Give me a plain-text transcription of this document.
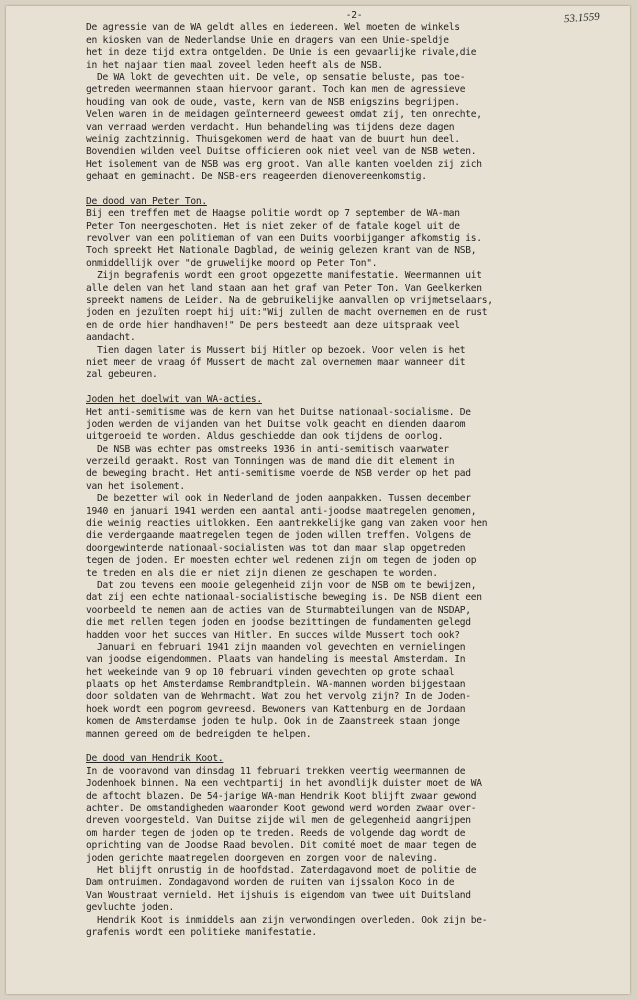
53.1559
-2-
De agressie van de WA geldt alles en iedereen. Wel moeten de winkels
en kiosken van de Nederlandse Unie en dragers van een Unie-speldje
het in deze tijd extra ontgelden. De Unie is een gevaarlijke rivale,die
in het najaar tien maal zoveel leden heeft als de NSB.
De WA lokt de gevechten uit. De vele, op sensatie beluste, pas toe-
getreden weermannen staan hiervoor garant. Toch kan men de agressieve
houding van ook de oude, vaste, kern van de NSB enigszins begrijpen.
Velen waren in de meidagen geïnterneerd geweest omdat zij, ten onrechte,
van verraad werden verdacht. Hun behandeling was tijdens deze dagen
weinig zachtzinnig. Thuisgekomen werd de haat van de buurt hun deel.
Bovendien wilden veel Duitse officieren ook niet veel van de NSB weten.
Het isolement van de NSB was erg groot. Van alle kanten voelden zij zich
gehaat en geminacht. De NSB-ers reageerden dienovereenkomstig.
De dood van Peter Ton.
Bij een treffen met de Haagse politie wordt op 7 september de WA-man
Peter Ton neergeschoten. Het is niet zeker of de fatale kogel uit de
revolver van een politieman of van een Duits voorbijganger afkomstig is.
Toch spreekt Het Nationale Dagblad, de weinig gelezen krant van de NSB,
onmiddellijk over "de gruwelijke moord op Peter Ton".
Zijn begrafenis wordt een groot opgezette manifestatie. Weermannen uit
alle delen van het land staan aan het graf van Peter Ton. Van Geelkerken
spreekt namens de Leider. Na de gebruikelijke aanvallen op vrijmetselaars,
joden en jezuïten roept hij uit:"Wij zullen de macht overnemen en de rust
en de orde hier handhaven!" De pers besteedt aan deze uitspraak veel
aandacht.
Tien dagen later is Mussert bij Hitler op bezoek. Voor velen is het
niet meer de vraag óf Mussert de macht zal overnemen maar wanneer dit
zal gebeuren.
Joden het doelwit van WA-acties.
Het anti-semitisme was de kern van het Duitse nationaal-socialisme. De
joden werden de vijanden van het Duitse volk geacht en dienden daarom
uitgeroeid te worden. Aldus geschiedde dan ook tijdens de oorlog.
De NSB was echter pas omstreeks 1936 in anti-semitisch vaarwater
verzeild geraakt. Rost van Tonningen was de mand die dit element in
de beweging bracht. Het anti-semitisme voerde de NSB verder op het pad
van het isolement.
De bezetter wil ook in Nederland de joden aanpakken. Tussen december
1940 en januari 1941 werden een aantal anti-joodse maatregelen genomen,
die weinig reacties uitlokken. Een aantrekkelijke gang van zaken voor hen
die verdergaande maatregelen tegen de joden willen treffen. Volgens de
doorgewinterde nationaal-socialisten was tot dan maar slap opgetreden
tegen de joden. Er moesten echter wel redenen zijn om tegen de joden op
te treden en als die er niet zijn dienen ze geschapen te worden.
Dat zou tevens een mooie gelegenheid zijn voor de NSB om te bewijzen,
dat zij een echte nationaal-socialistische beweging is. De NSB dient een
voorbeeld te nemen aan de acties van de Sturmabteilungen van de NSDAP,
die met rellen tegen joden en joodse bezittingen de fundamenten gelegd
hadden voor het succes van Hitler. En succes wilde Mussert toch ook?
Januari en februari 1941 zijn maanden vol gevechten en vernielingen
van joodse eigendommen. Plaats van handeling is meestal Amsterdam. In
het weekeinde van 9 op 10 februari vinden gevechten op grote schaal
plaats op het Amsterdamse Rembrandtplein. WA-mannen worden bijgestaan
door soldaten van de Wehrmacht. Wat zou het vervolg zijn? In de Joden-
hoek wordt een pogrom gevreesd. Bewoners van Kattenburg en de Jordaan
komen de Amsterdamse joden te hulp. Ook in de Zaanstreek staan jonge
mannen gereed om de bedreigden te helpen.
De dood van Hendrik Koot.
In de vooravond van dinsdag 11 februari trekken veertig weermannen de
Jodenhoek binnen. Na een vechtpartij in het avondlijk duister moet de WA
de aftocht blazen. De 54-jarige WA-man Hendrik Koot blijft zwaar gewond
achter. De omstandigheden waaronder Koot gewond werd worden zwaar over-
dreven voorgesteld. Van Duitse zijde wil men de gelegenheid aangrijpen
om harder tegen de joden op te treden. Reeds de volgende dag wordt de
oprichting van de Joodse Raad bevolen. Dit comité moet de maar tegen de
joden gerichte maatregelen doorgeven en zorgen voor de naleving.
Het blijft onrustig in de hoofdstad. Zaterdagavond moet de politie de
Dam ontruimen. Zondagavond worden de ruiten van ijssalon Koco in de
Van Woustraat vernield. Het ijshuis is eigendom van twee uit Duitsland
gevluchte joden.
Hendrik Koot is inmiddels aan zijn verwondingen overleden. Ook zijn be-
grafenis wordt een politieke manifestatie.
